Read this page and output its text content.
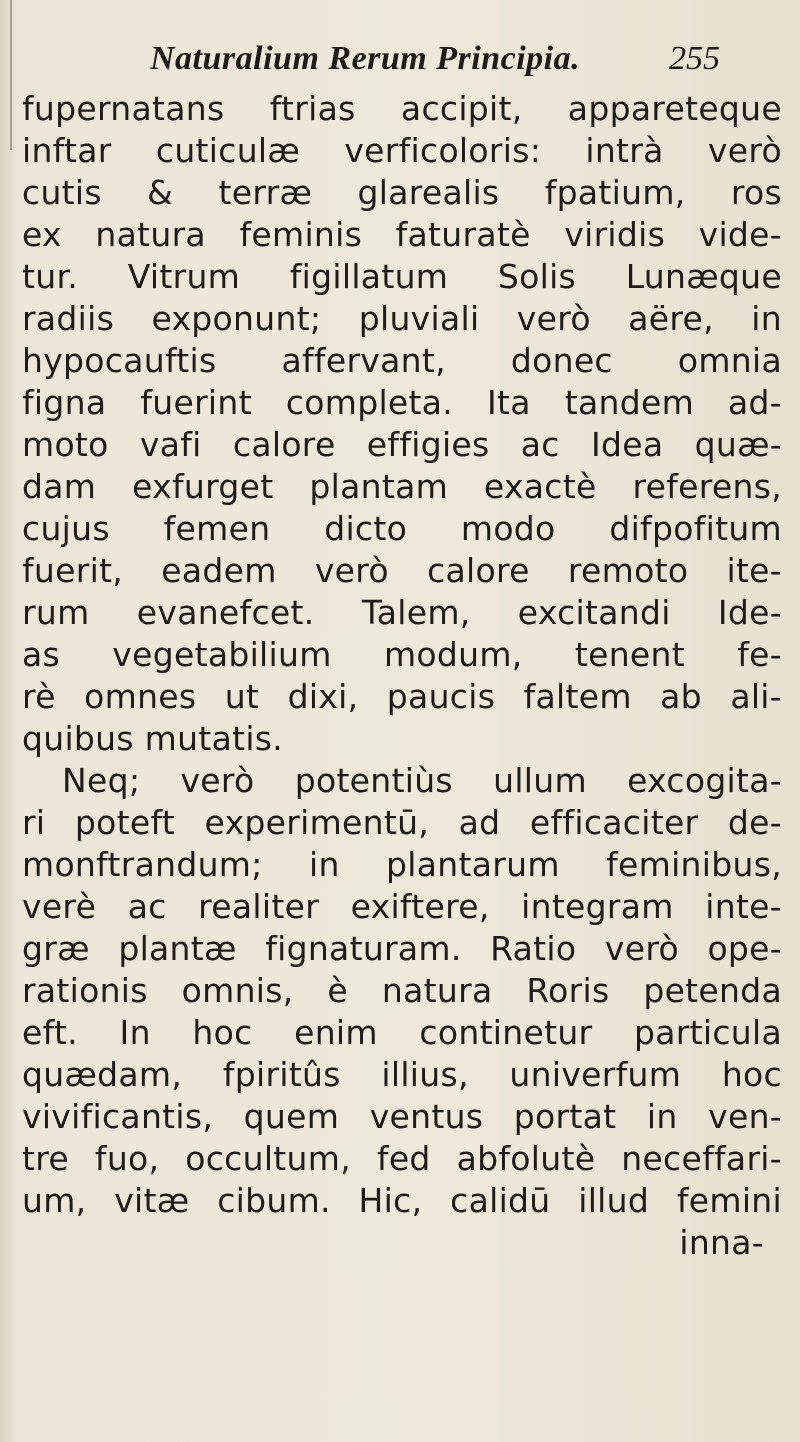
Naturalium Rerum Principia.	255
fupernatans ftrias accipit, appareteque
inftar cuticulæ verficoloris: intrà verò
cutis & terræ glarealis fpatium, ros
ex natura feminis faturatè viridis vide-
tur. Vitrum figillatum Solis Lunæque
radiis exponunt; pluviali verò aëre, in
hypocauftis affervant, donec omnia
figna fuerint completa. Ita tandem ad-
moto vafi calore effigies ac Idea quæ-
dam exfurget plantam exactè referens,
cujus femen dicto modo difpofitum
fuerit, eadem verò calore remoto ite-
rum evanefcet. Talem, excitandi Ide-
as vegetabilium modum, tenent fe-
rè omnes ut dixi, paucis faltem ab ali-
quibus mutatis.
Neq; verò potentiùs ullum excogita-
ri poteft experimentū, ad efficaciter de-
monftrandum; in plantarum feminibus,
verè ac realiter exiftere, integram inte-
græ plantæ fignaturam. Ratio verò ope-
rationis omnis, è natura Roris petenda
eft. In hoc enim continetur particula
quædam, fpiritûs illius, univerfum hoc
vivificantis, quem ventus portat in ven-
tre fuo, occultum, fed abfolutè neceffari-
um, vitæ cibum. Hic, calidū illud femini
inna-
